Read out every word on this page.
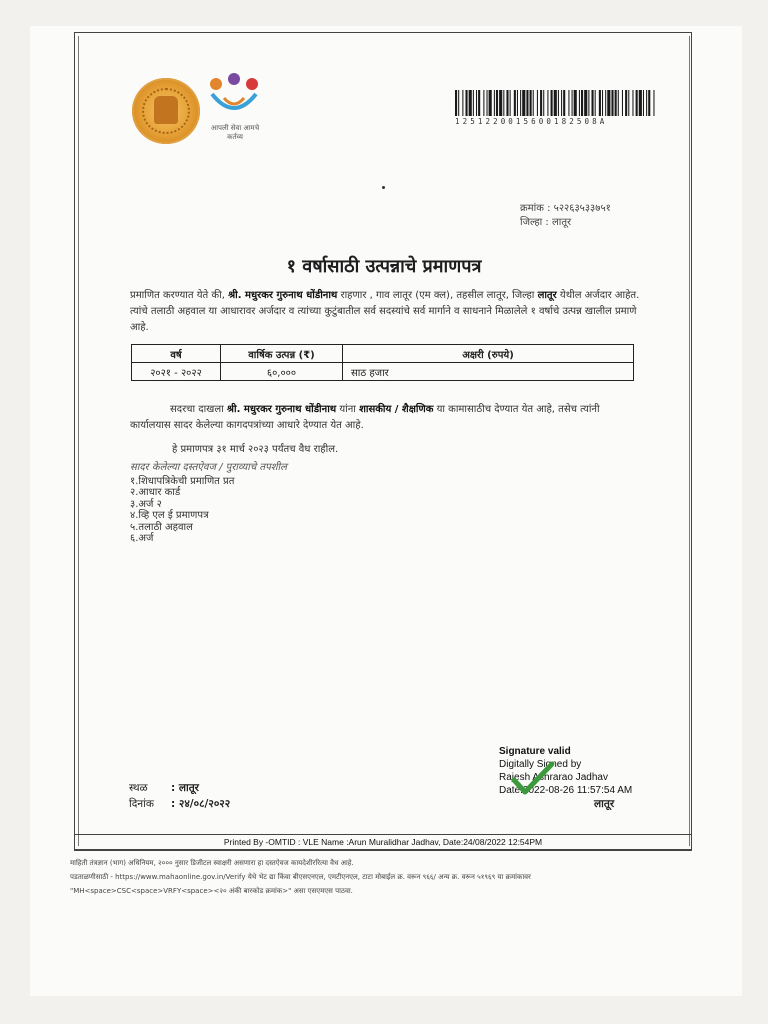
आपली सेवा आमचे कर्तव्य
1251220015600182508A
क्रमांक : ५२२६३५३३७५१
जिल्हा : लातूर
१ वर्षासाठी उत्पन्नाचे प्रमाणपत्र
प्रमाणित करण्यात येते की, श्री. मधुरकर गुरुनाथ धोंडीनाथ राहणार , गाव लातूर (एम क्ल), तहसील लातूर, जिल्हा लातूर येथील अर्जदार आहेत. त्यांचे तलाठी अहवाल या आधारावर अर्जदार व त्यांच्या कुटुंबातील सर्व सदस्यांचे सर्व मार्गाने व साधनाने मिळालेले १ वर्षाचे उत्पन्न खालील प्रमाणे आहे.
वर्ष	वार्षिक उत्पन्न (₹)	अक्षरी (रुपये)
२०२१ - २०२२	६०,०००	साठ हजार
सदरचा दाखला श्री. मधुरकर गुरुनाथ धोंडीनाथ यांना शासकीय / शैक्षणिक या कामासाठीच देण्यात येत आहे, तसेच त्यांनी कार्यालयास सादर केलेल्या कागदपत्रांच्या आधारे देण्यात येत आहे.
हे प्रमाणपत्र ३१ मार्च २०२३ पर्यंतच वैध राहील.
सादर केलेल्या दस्तऐवज / पुराव्याचे तपशील
१.शिधापत्रिकेची प्रमाणित प्रत
२.आधार कार्ड
३.अर्ज २
४.व्हि एल ई प्रमाणपत्र
५.तलाठी अहवाल
६.अर्ज
Signature valid
Digitally Signed by
Rajesh Ashrarao Jadhav
Date:2022-08-26 11:57:54 AM
लातूर
स्थळ : लातूर
दिनांक : २४/०८/२०२२
Printed By -OMTID : VLE Name :Arun Muralidhar Jadhav, Date:24/08/2022 12:54PM
माहिती तंत्रज्ञान (भाग) अधिनियम, २००० नुसार डिजीटल स्वाक्षरी असणारा हा दस्तऐवज कायदेशीररित्या वैध आहे.
पडताळणीसाठी - https://www.mahaonline.gov.in/Verify येथे भेट द्या किंवा बीएसएनएल, एमटीएनएल, टाटा मोबाईल क्र. वरून ९६६/ अन्य क्र. वरून ५१९६९ या क्रमांकावर
"MH<space>CSC<space>VRFY<space><२० अंकी बारकोड क्रमांक>" असा एसएमएस पाठवा.
